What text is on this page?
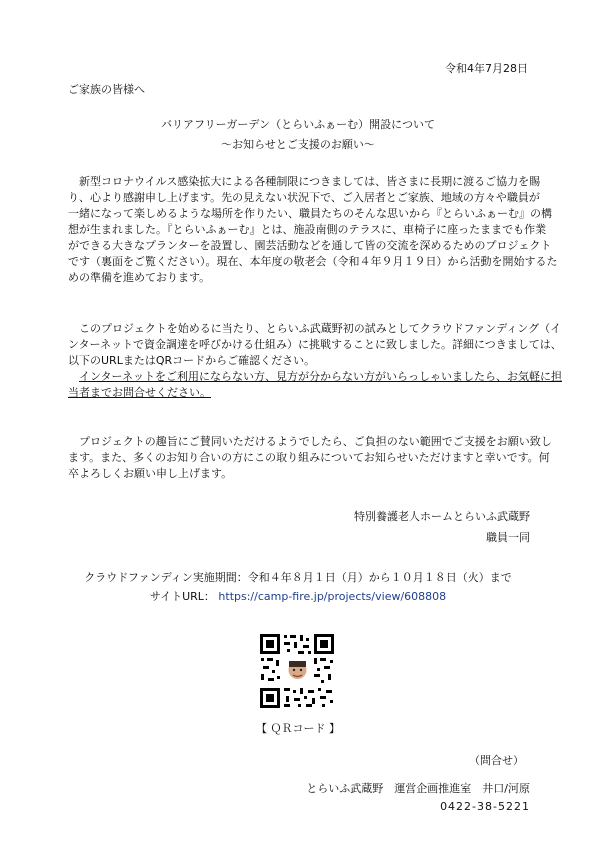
令和4年7月28日
ご家族の皆様へ
バリアフリーガーデン（とらいふぁーむ）開設について
～お知らせとご支援のお願い～
新型コロナウイルス感染拡大による各種制限につきましては、皆さまに長期に渡るご協力を賜
り、心より感謝申し上げます。先の見えない状況下で、ご入居者とご家族、地域の方々や職員が
一緒になって楽しめるような場所を作りたい、職員たちのそんな思いから『とらいふぁーむ』の構
想が生まれました。『とらいふぁーむ』とは、施設南側のテラスに、車椅子に座ったままでも作業
ができる大きなプランターを設置し、園芸活動などを通して皆の交流を深めるためのプロジェクト
です（裏面をご覧ください）。現在、本年度の敬老会（令和４年９月１９日）から活動を開始するた
めの準備を進めております。
このプロジェクトを始めるに当たり、とらいふ武蔵野初の試みとしてクラウドファンディング（イ
ンターネットで資金調達を呼びかける仕組み）に挑戦することに致しました。詳細につきましては、
以下のURLまたはQRコードからご確認ください。
インターネットをご利用にならない方、見方が分からない方がいらっしゃいましたら、お気軽に担
当者までお問合せください。
プロジェクトの趣旨にご賛同いただけるようでしたら、ご負担のない範囲でご支援をお願い致し
ます。また、多くのお知り合いの方にこの取り組みについてお知らせいただけますと幸いです。何
卒よろしくお願い申し上げます。
特別養護老人ホームとらいふ武蔵野
職員一同
クラウドファンディン実施期間：令和４年８月１日（月）から１０月１８日（火）まで
サイトURL： https://camp-fire.jp/projects/view/608808
【 ＱＲコード 】
（問合せ）
とらいふ武蔵野　運営企画推進室　井口/河原
0422-38-5221
